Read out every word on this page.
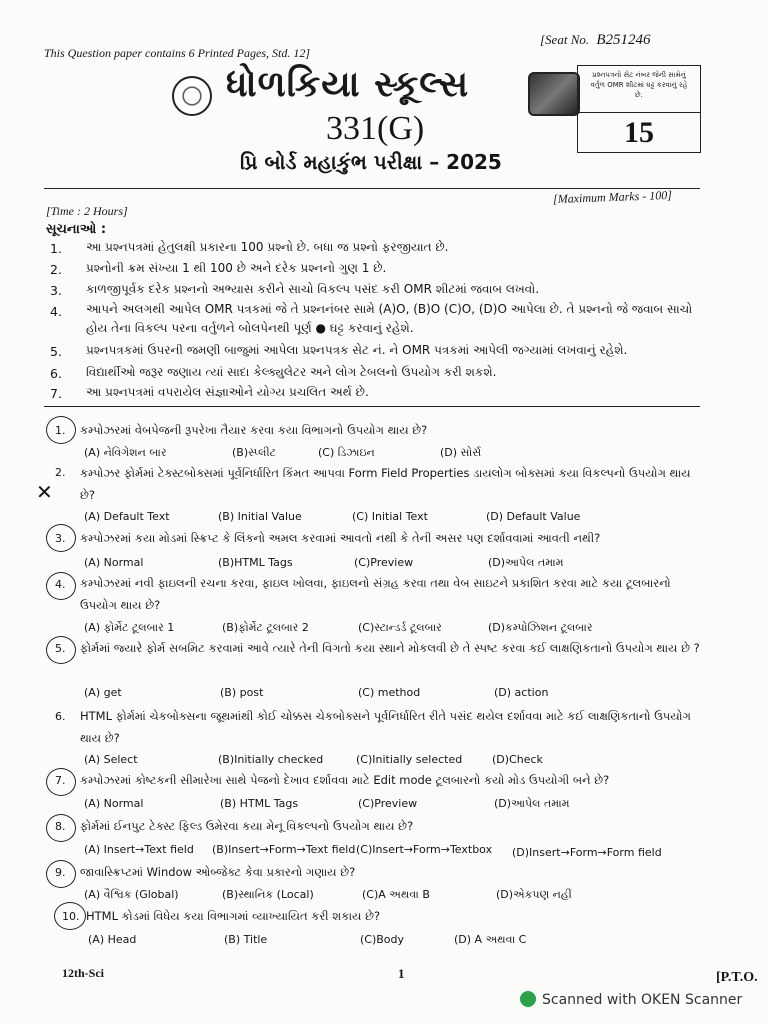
This Question paper contains 6 Printed Pages, Std. 12]
[Seat No. B251246
ધોળકિયા સ્કૂલ્સ	પ્રશ્નપત્રનો સેટ નંબર જેની સામેનું વર્તુળ OMR શીટમાં ઘટ્ટ કરવાનું રહે છે.
15
331(G)
પ્રિ બોર્ડ મહાકુંભ પરીક્ષા – 2025
[Time : 2 Hours]
[Maximum Marks - 100]
સૂચનાઓ :
1. આ પ્રશ્નપત્રમાં હેતુલક્ષી પ્રકારના 100 પ્રશ્નો છે. બધા જ પ્રશ્નો ફરજીયાત છે.
2. પ્રશ્નોની ક્રમ સંખ્યા 1 થી 100 છે અને દરેક પ્રશ્નનો ગુણ 1 છે.
3. કાળજીપૂર્વક દરેક પ્રશ્નનો અભ્યાસ કરીને સાચો વિકલ્પ પસંદ કરી OMR શીટમાં જવાબ લખવો.
4. આપને અલગથી આપેલ OMR પત્રકમાં જે તે પ્રશ્નનંબર સામે (A)O, (B)O (C)O, (D)O આપેલા છે. તે પ્રશ્નનો જે જવાબ સાચો હોય તેના વિકલ્પ પરના વર્તુળને બોલપેનથી પૂર્ણ ● ઘટ્ટ કરવાનું રહેશે.
5. પ્રશ્નપત્રકમાં ઉપરની જમણી બાજુમાં આપેલા પ્રશ્નપત્રક સેટ નં. ને OMR પત્રકમાં આપેલી જગ્યામાં લખવાનું રહેશે.
6. વિદ્યાર્થીઓ જરૂર જણાય ત્યાં સાદા કેલ્ક્યુલેટર અને લોગ ટેબલનો ઉપયોગ કરી શકશે.
7. આ પ્રશ્નપત્રમાં વપરાયેલ સંજ્ઞાઓને યોગ્ય પ્રચલિત અર્થ છે.
1. કમ્પોઝરમાં વેબપેજની રૂપરેખા તૈયાર કરવા કયા વિભાગનો ઉપયોગ થાય છે?
(A) નેવિગેશન બાર	(B)સ્પ્લીટ	(C) ડિઝાઇન	(D) સોર્સ
✕
2. કમ્પોઝર ફોર્મમાં ટેક્સ્ટબોક્સમાં પૂર્વનિર્ધારિત કિંમત આપવા Form Field Properties ડાયલોગ બોક્સમાં કયા વિકલ્પનો ઉપયોગ થાય છે?
(A) Default Text	(B) Initial Value	(C) Initial Text	(D) Default Value
3. કમ્પોઝરમાં કયા મોડમાં સ્ક્રિપ્ટ કે લિંકનો અમલ કરવામાં આવતો નથી કે તેની અસર પણ દર્શાવવામાં આવતી નથી?
(A) Normal	(B)HTML Tags	(C)Preview	(D)આપેલ તમામ
4. કમ્પોઝરમાં નવી ફાઇલની રચના કરવા, ફાઇલ ખોલવા, ફાઇલનો સંગ્રહ કરવા તથા વેબ સાઇટને પ્રકાશિત કરવા માટે કયા ટૂલબારનો ઉપયોગ થાય છે?
(A) ફોર્મેટ ટૂલબાર 1	(B)ફોર્મેટ ટૂલબાર 2	(C)સ્ટાન્ડર્ડ ટૂલબાર	(D)કમ્પોઝિશન ટૂલબાર
5. ફોર્મમાં જ્યારે ફોર્મ સબમિટ કરવામાં આવે ત્યારે તેની વિગતો કયા સ્થાને મોકલવી છે તે સ્પષ્ટ કરવા કઈ લાક્ષણિકતાનો ઉપયોગ થાય છે ?
(A) get	(B) post	(C) method	(D) action
6. HTML ફોર્મમાં ચેકબોક્સના જૂથમાંથી કોઈ ચોક્કસ ચેકબોક્સને પૂર્વનિર્ધારિત રીતે પસંદ થયેલ દર્શાવવા માટે કઈ લાક્ષણિકતાનો ઉપયોગ થાય છે?
(A) Select	(B)Initially checked	(C)Initially selected	(D)Check
7. કમ્પોઝરમાં કોષ્ટકની સીમારેખા સાથે પેજનો દેખાવ દર્શાવવા માટે Edit mode ટૂલબારનો કયો મોડ ઉપયોગી બને છે?
(A) Normal	(B) HTML Tags	(C)Preview	(D)આપેલ તમામ
8. ફોર્મમાં ઈનપુટ ટેક્સ્ટ ફિલ્ડ ઉમેરવા કયા મેનૂ વિકલ્પનો ઉપયોગ થાય છે?
(A) Insert→Text field (B)Insert→Form→Text field (C)Insert→Form→Textbox (D)Insert→Form→Form field
9. જાવાસ્ક્રિપ્ટમાં Window ઓબ્જેક્ટ કેવા પ્રકારનો ગણાય છે?
(A) વૈશ્વિક (Global)	(B)સ્થાનિક (Local)	(C)A અથવા B	(D)એકપણ નહીં
10. HTML કોડમાં વિધેય કયા વિભાગમાં વ્યાખ્યાયિત કરી શકાય છે?
(A) Head	(B) Title	(C)Body	(D) A અથવા C
12th-Sci	1	[P.T.O.
Scanned with OKEN Scanner
